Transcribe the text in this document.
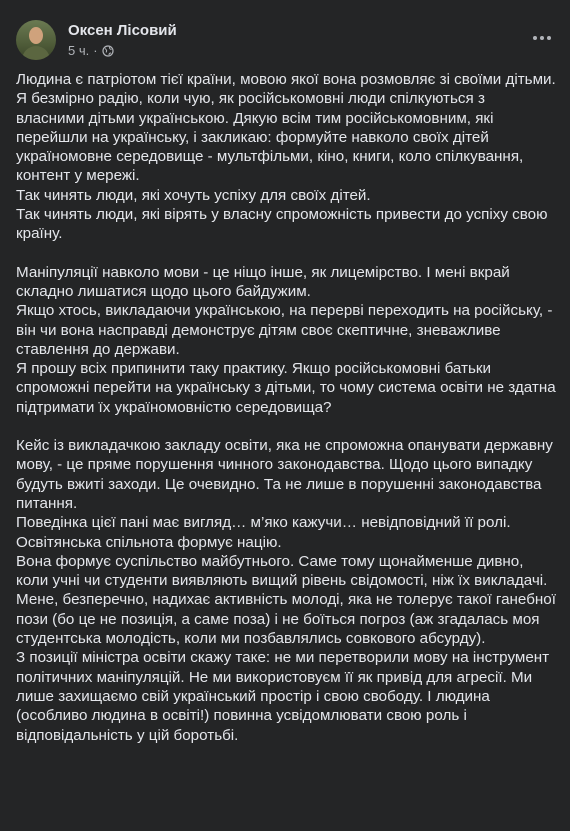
Оксен Лісовий
5 ч. ·
Людина є патріотом тієї країни, мовою якої вона розмовляє зі своїми дітьми.
Я безмірно радію, коли чую, як російськомовні люди спілкуються з власними дітьми українською. Дякую всім тим російськомовним, які перейшли на українську, і закликаю: формуйте навколо своїх дітей україномовне середовище - мультфільми, кіно, книги, коло спілкування, контент у мережі.
Так чинять люди, які хочуть успіху для своїх дітей.
Так чинять люди, які вірять у власну спроможність привести до успіху свою країну.
Маніпуляції навколо мови - це ніщо інше, як лицемірство. І мені вкрай складно лишатися щодо цього байдужим.
Якщо хтось, викладаючи українською, на перерві переходить на російську, - він чи вона насправді демонструє дітям своє скептичне, зневажливе ставлення до держави.
Я прошу всіх припинити таку практику. Якщо російськомовні батьки спроможні перейти на українську з дітьми, то чому система освіти не здатна підтримати їх україномовністю середовища?
Кейс із викладачкою закладу освіти, яка не спроможна опанувати державну мову, - це пряме порушення чинного законодавства. Щодо цього випадку будуть вжиті заходи. Це очевидно. Та не лише в порушенні законодавства питання.
Поведінка цієї пані має вигляд… м’яко кажучи… невідповідний її ролі.
Освітянська спільнота формує націю.
Вона формує суспільство майбутнього. Саме тому щонайменше дивно, коли учні чи студенти виявляють вищий рівень свідомості, ніж їх викладачі.
Мене, безперечно, надихає активність молоді, яка не толерує такої ганебної пози (бо це не позиція, а саме поза) і не боїться погроз (аж згадалась моя студентська молодість, коли ми позбавлялись совкового абсурду).
З позиції міністра освіти скажу таке: не ми перетворили мову на інструмент політичних маніпуляцій. Не ми використовуєм її як привід для агресії. Ми лише захищаємо свій український простір і свою свободу. І людина (особливо людина в освіті!) повинна усвідомлювати свою роль і відповідальність у цій боротьбі.
